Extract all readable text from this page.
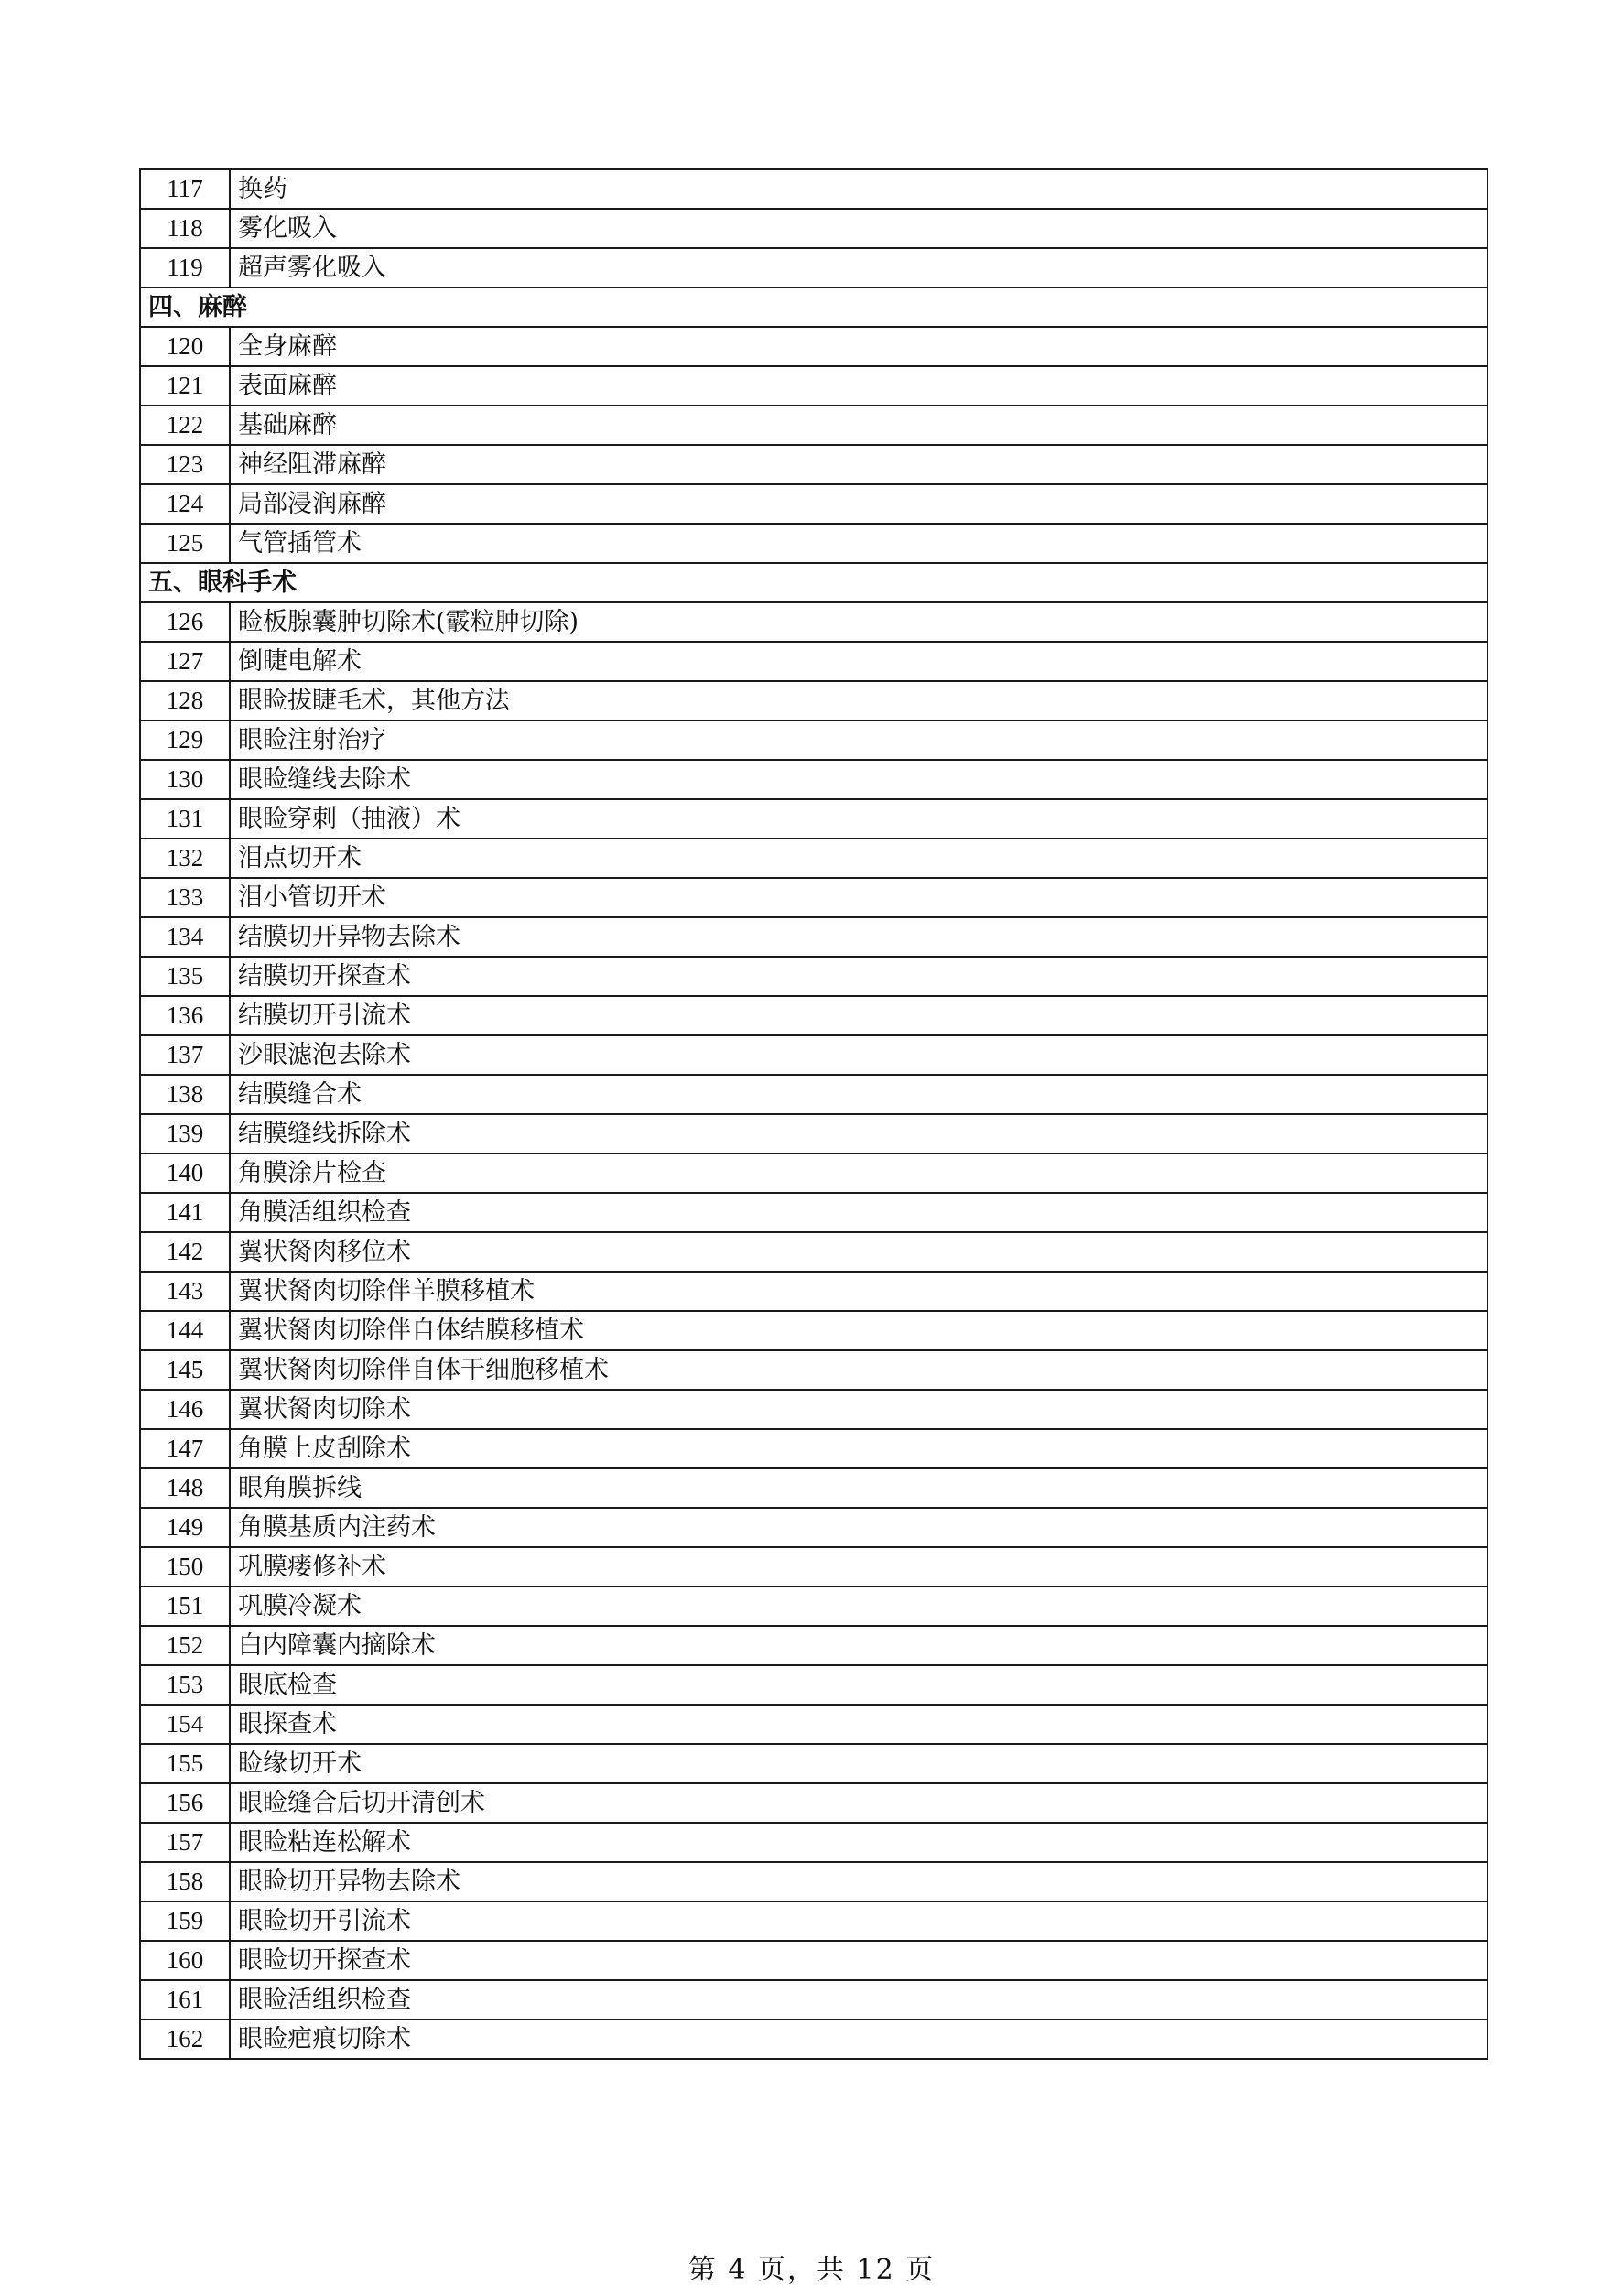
117	换药
118	雾化吸入
119	超声雾化吸入
四、麻醉	
120	全身麻醉
121	表面麻醉
122	基础麻醉
123	神经阻滞麻醉
124	局部浸润麻醉
125	气管插管术
五、眼科手术	
126	睑板腺囊肿切除术(霰粒肿切除)
127	倒睫电解术
128	眼睑拔睫毛术，其他方法
129	眼睑注射治疗
130	眼睑缝线去除术
131	眼睑穿刺（抽液）术
132	泪点切开术
133	泪小管切开术
134	结膜切开异物去除术
135	结膜切开探查术
136	结膜切开引流术
137	沙眼滤泡去除术
138	结膜缝合术
139	结膜缝线拆除术
140	角膜涂片检查
141	角膜活组织检查
142	翼状胬肉移位术
143	翼状胬肉切除伴羊膜移植术
144	翼状胬肉切除伴自体结膜移植术
145	翼状胬肉切除伴自体干细胞移植术
146	翼状胬肉切除术
147	角膜上皮刮除术
148	眼角膜拆线
149	角膜基质内注药术
150	巩膜瘘修补术
151	巩膜冷凝术
152	白内障囊内摘除术
153	眼底检查
154	眼探查术
155	睑缘切开术
156	眼睑缝合后切开清创术
157	眼睑粘连松解术
158	眼睑切开异物去除术
159	眼睑切开引流术
160	眼睑切开探查术
161	眼睑活组织检查
162	眼睑疤痕切除术
第 4 页，共 12 页
